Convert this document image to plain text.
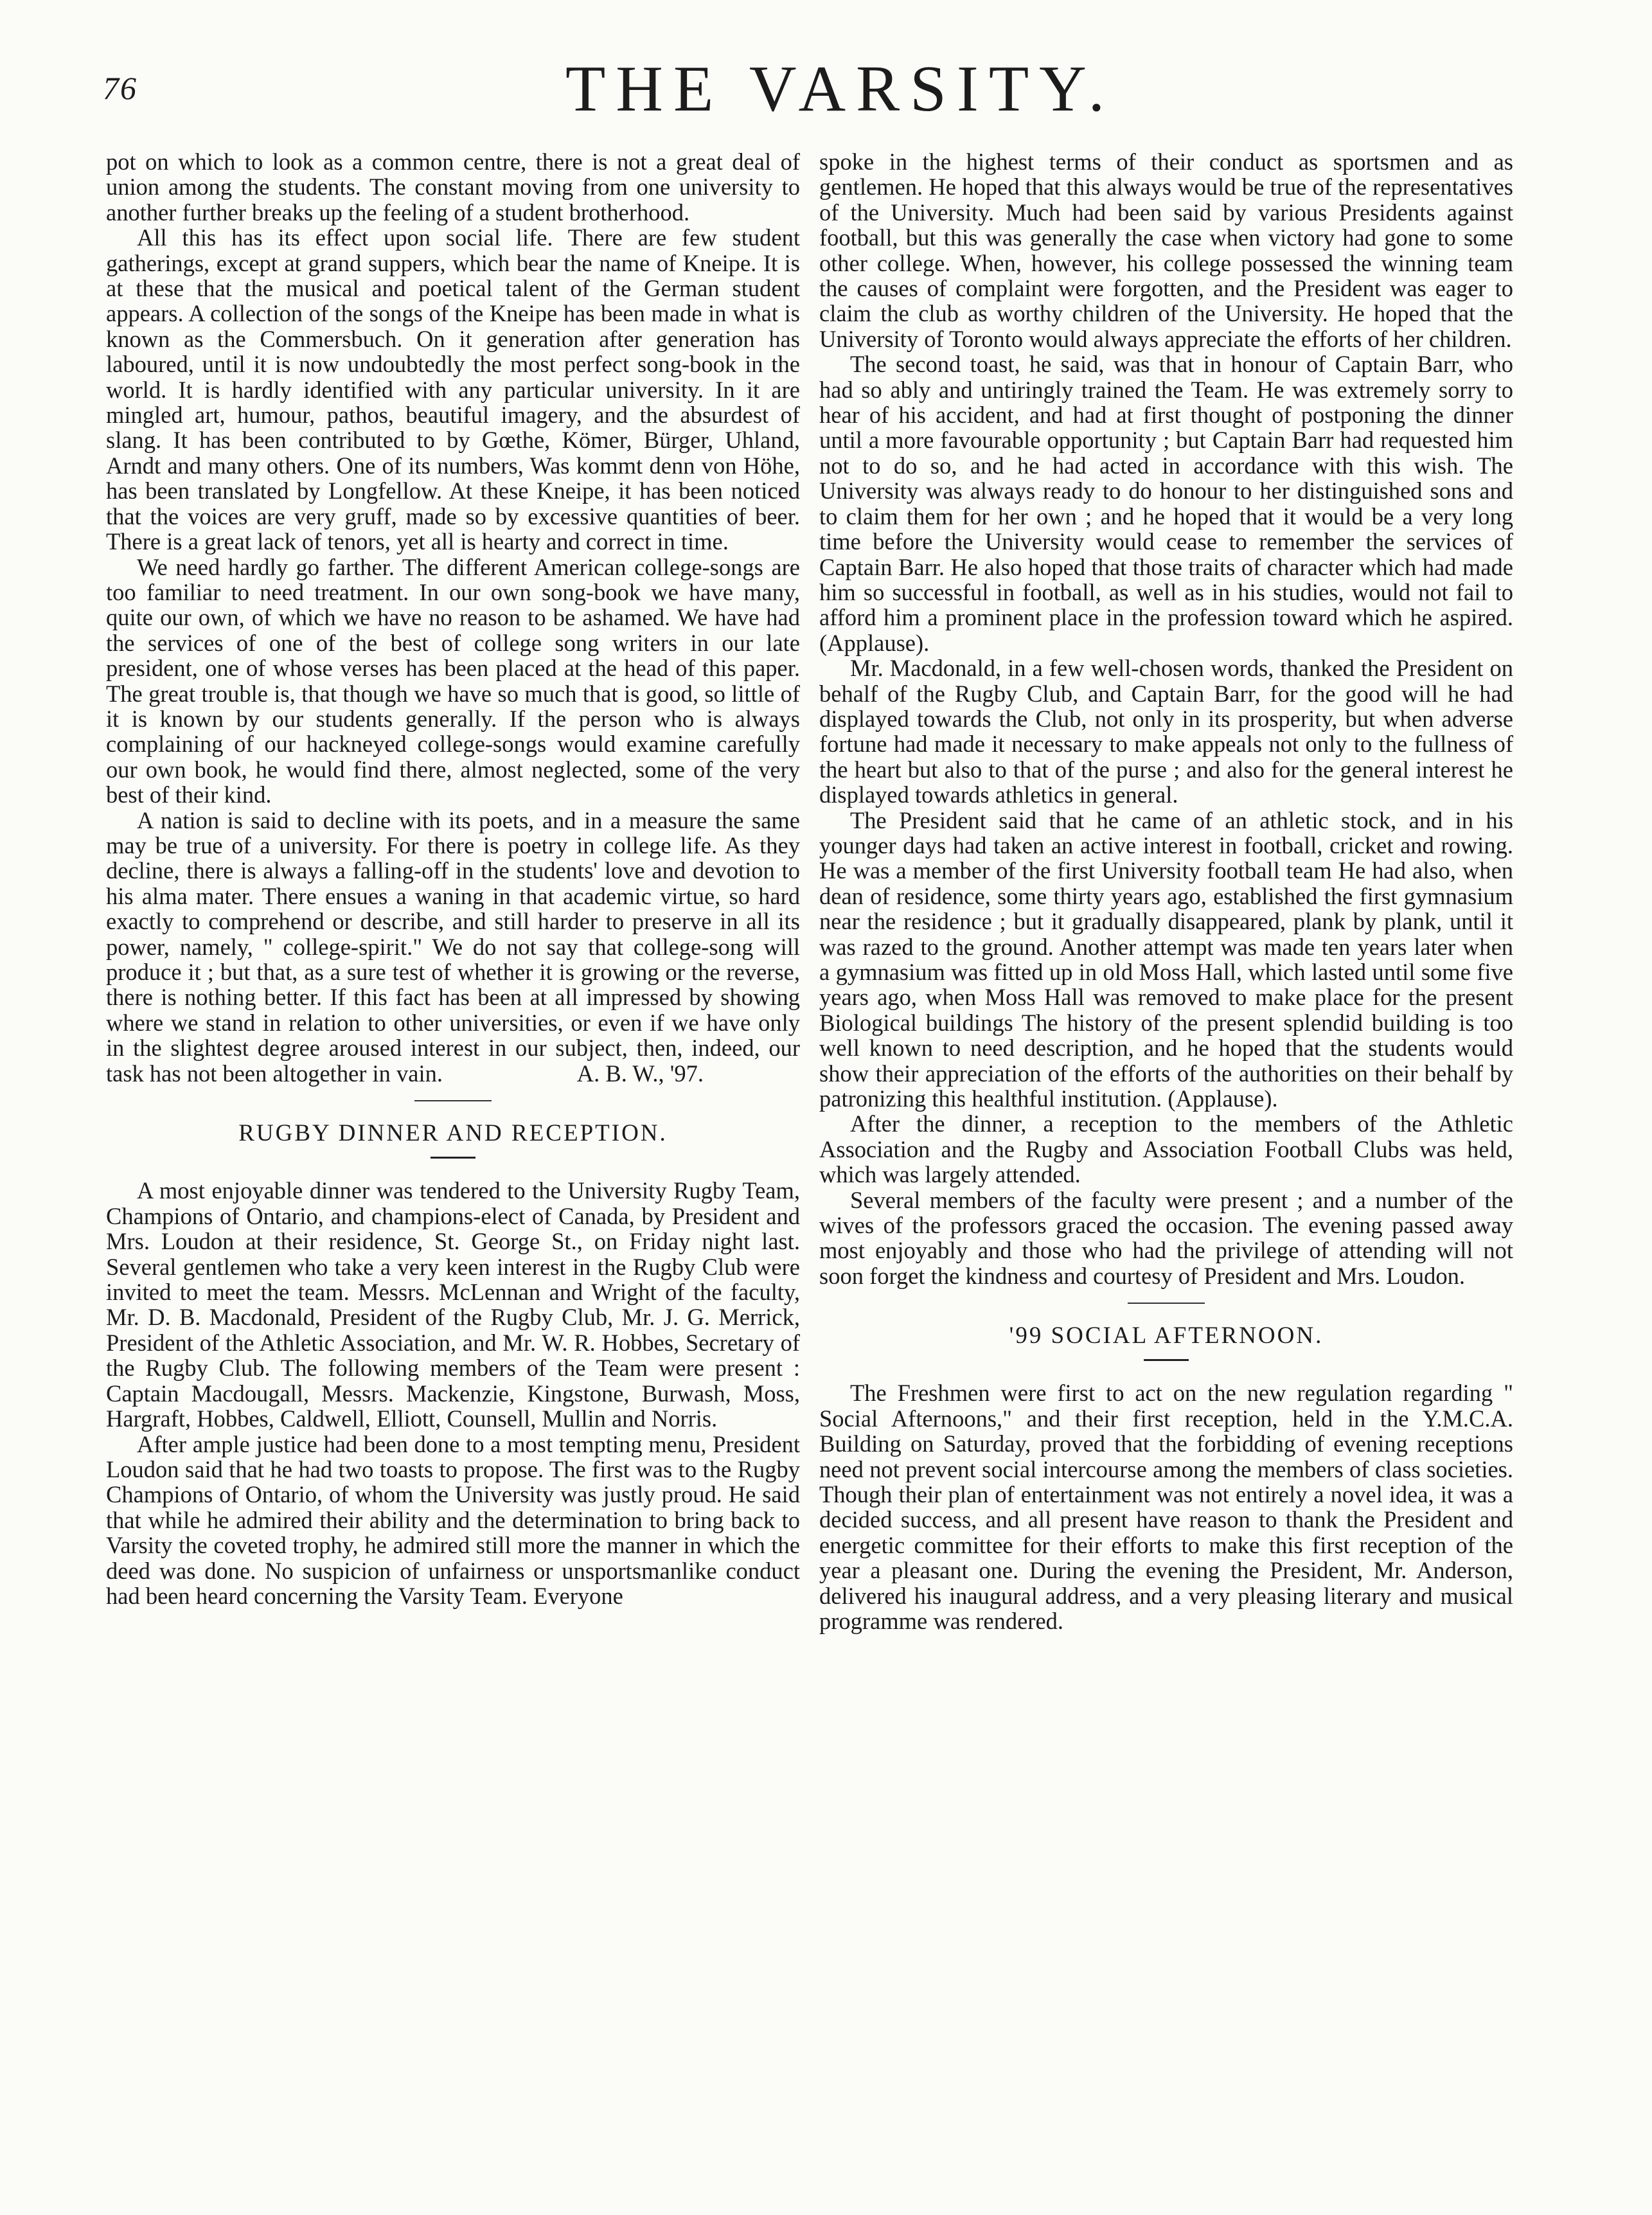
76	THE VARSITY.

pot on which to look as a common centre, there is not a great deal of union among the students. The constant moving from one university to another further breaks up the feeling of a student brotherhood.

All this has its effect upon social life. There are few student gatherings, except at grand suppers, which bear the name of Kneipe. It is at these that the musical and poetical talent of the German student appears. A collection of the songs of the Kneipe has been made in what is known as the Commersbuch. On it generation after generation has laboured, until it is now undoubtedly the most perfect song-book in the world. It is hardly identified with any particular university. In it are mingled art, humour, pathos, beautiful imagery, and the absurdest of slang. It has been contributed to by Gœthe, Kömer, Bürger, Uhland, Arndt and many others. One of its numbers, Was kommt denn von Höhe, has been translated by Longfellow. At these Kneipe, it has been noticed that the voices are very gruff, made so by excessive quantities of beer. There is a great lack of tenors, yet all is hearty and correct in time.

We need hardly go farther. The different American college-songs are too familiar to need treatment. In our own song-book we have many, quite our own, of which we have no reason to be ashamed. We have had the services of one of the best of college song writers in our late president, one of whose verses has been placed at the head of this paper. The great trouble is, that though we have so much that is good, so little of it is known by our students generally. If the person who is always complaining of our hackneyed college-songs would examine carefully our own book, he would find there, almost neglected, some of the very best of their kind.

A nation is said to decline with its poets, and in a measure the same may be true of a university. For there is poetry in college life. As they decline, there is always a falling-off in the students' love and devotion to his alma mater. There ensues a waning in that academic virtue, so hard exactly to comprehend or describe, and still harder to preserve in all its power, namely, " college-spirit." We do not say that college-song will produce it ; but that, as a sure test of whether it is growing or the reverse, there is nothing better. If this fact has been at all impressed by showing where we stand in relation to other universities, or even if we have only in the slightest degree aroused interest in our subject, then, indeed, our task has not been altogether in vain.	A. B. W., '97.

RUGBY DINNER AND RECEPTION.

A most enjoyable dinner was tendered to the University Rugby Team, Champions of Ontario, and champions-elect of Canada, by President and Mrs. Loudon at their residence, St. George St., on Friday night last. Several gentlemen who take a very keen interest in the Rugby Club were invited to meet the team. Messrs. McLennan and Wright of the faculty, Mr. D. B. Macdonald, President of the Rugby Club, Mr. J. G. Merrick, President of the Athletic Association, and Mr. W. R. Hobbes, Secretary of the Rugby Club. The following members of the Team were present : Captain Macdougall, Messrs. Mackenzie, Kingstone, Burwash, Moss, Hargraft, Hobbes, Caldwell, Elliott, Counsell, Mullin and Norris.

After ample justice had been done to a most tempting menu, President Loudon said that he had two toasts to propose. The first was to the Rugby Champions of Ontario, of whom the University was justly proud. He said that while he admired their ability and the determination to bring back to Varsity the coveted trophy, he admired still more the manner in which the deed was done. No suspicion of unfairness or unsportsmanlike conduct had been heard concerning the Varsity Team. Everyone

spoke in the highest terms of their conduct as sportsmen and as gentlemen. He hoped that this always would be true of the representatives of the University. Much had been said by various Presidents against football, but this was generally the case when victory had gone to some other college. When, however, his college possessed the winning team the causes of complaint were forgotten, and the President was eager to claim the club as worthy children of the University. He hoped that the University of Toronto would always appreciate the efforts of her children.

The second toast, he said, was that in honour of Captain Barr, who had so ably and untiringly trained the Team. He was extremely sorry to hear of his accident, and had at first thought of postponing the dinner until a more favourable opportunity ; but Captain Barr had requested him not to do so, and he had acted in accordance with this wish. The University was always ready to do honour to her distinguished sons and to claim them for her own ; and he hoped that it would be a very long time before the University would cease to remember the services of Captain Barr. He also hoped that those traits of character which had made him so successful in football, as well as in his studies, would not fail to afford him a prominent place in the profession toward which he aspired. (Applause).

Mr. Macdonald, in a few well-chosen words, thanked the President on behalf of the Rugby Club, and Captain Barr, for the good will he had displayed towards the Club, not only in its prosperity, but when adverse fortune had made it necessary to make appeals not only to the fullness of the heart but also to that of the purse ; and also for the general interest he displayed towards athletics in general.

The President said that he came of an athletic stock, and in his younger days had taken an active interest in football, cricket and rowing. He was a member of the first University football team He had also, when dean of residence, some thirty years ago, established the first gymnasium near the residence ; but it gradually disappeared, plank by plank, until it was razed to the ground. Another attempt was made ten years later when a gymnasium was fitted up in old Moss Hall, which lasted until some five years ago, when Moss Hall was removed to make place for the present Biological buildings The history of the present splendid building is too well known to need description, and he hoped that the students would show their appreciation of the efforts of the authorities on their behalf by patronizing this healthful institution. (Applause).

After the dinner, a reception to the members of the Athletic Association and the Rugby and Association Football Clubs was held, which was largely attended.

Several members of the faculty were present ; and a number of the wives of the professors graced the occasion. The evening passed away most enjoyably and those who had the privilege of attending will not soon forget the kindness and courtesy of President and Mrs. Loudon.

'99 SOCIAL AFTERNOON.

The Freshmen were first to act on the new regulation regarding " Social Afternoons," and their first reception, held in the Y.M.C.A. Building on Saturday, proved that the forbidding of evening receptions need not prevent social intercourse among the members of class societies. Though their plan of entertainment was not entirely a novel idea, it was a decided success, and all present have reason to thank the President and energetic committee for their efforts to make this first reception of the year a pleasant one. During the evening the President, Mr. Anderson, delivered his inaugural address, and a very pleasing literary and musical programme was rendered.
